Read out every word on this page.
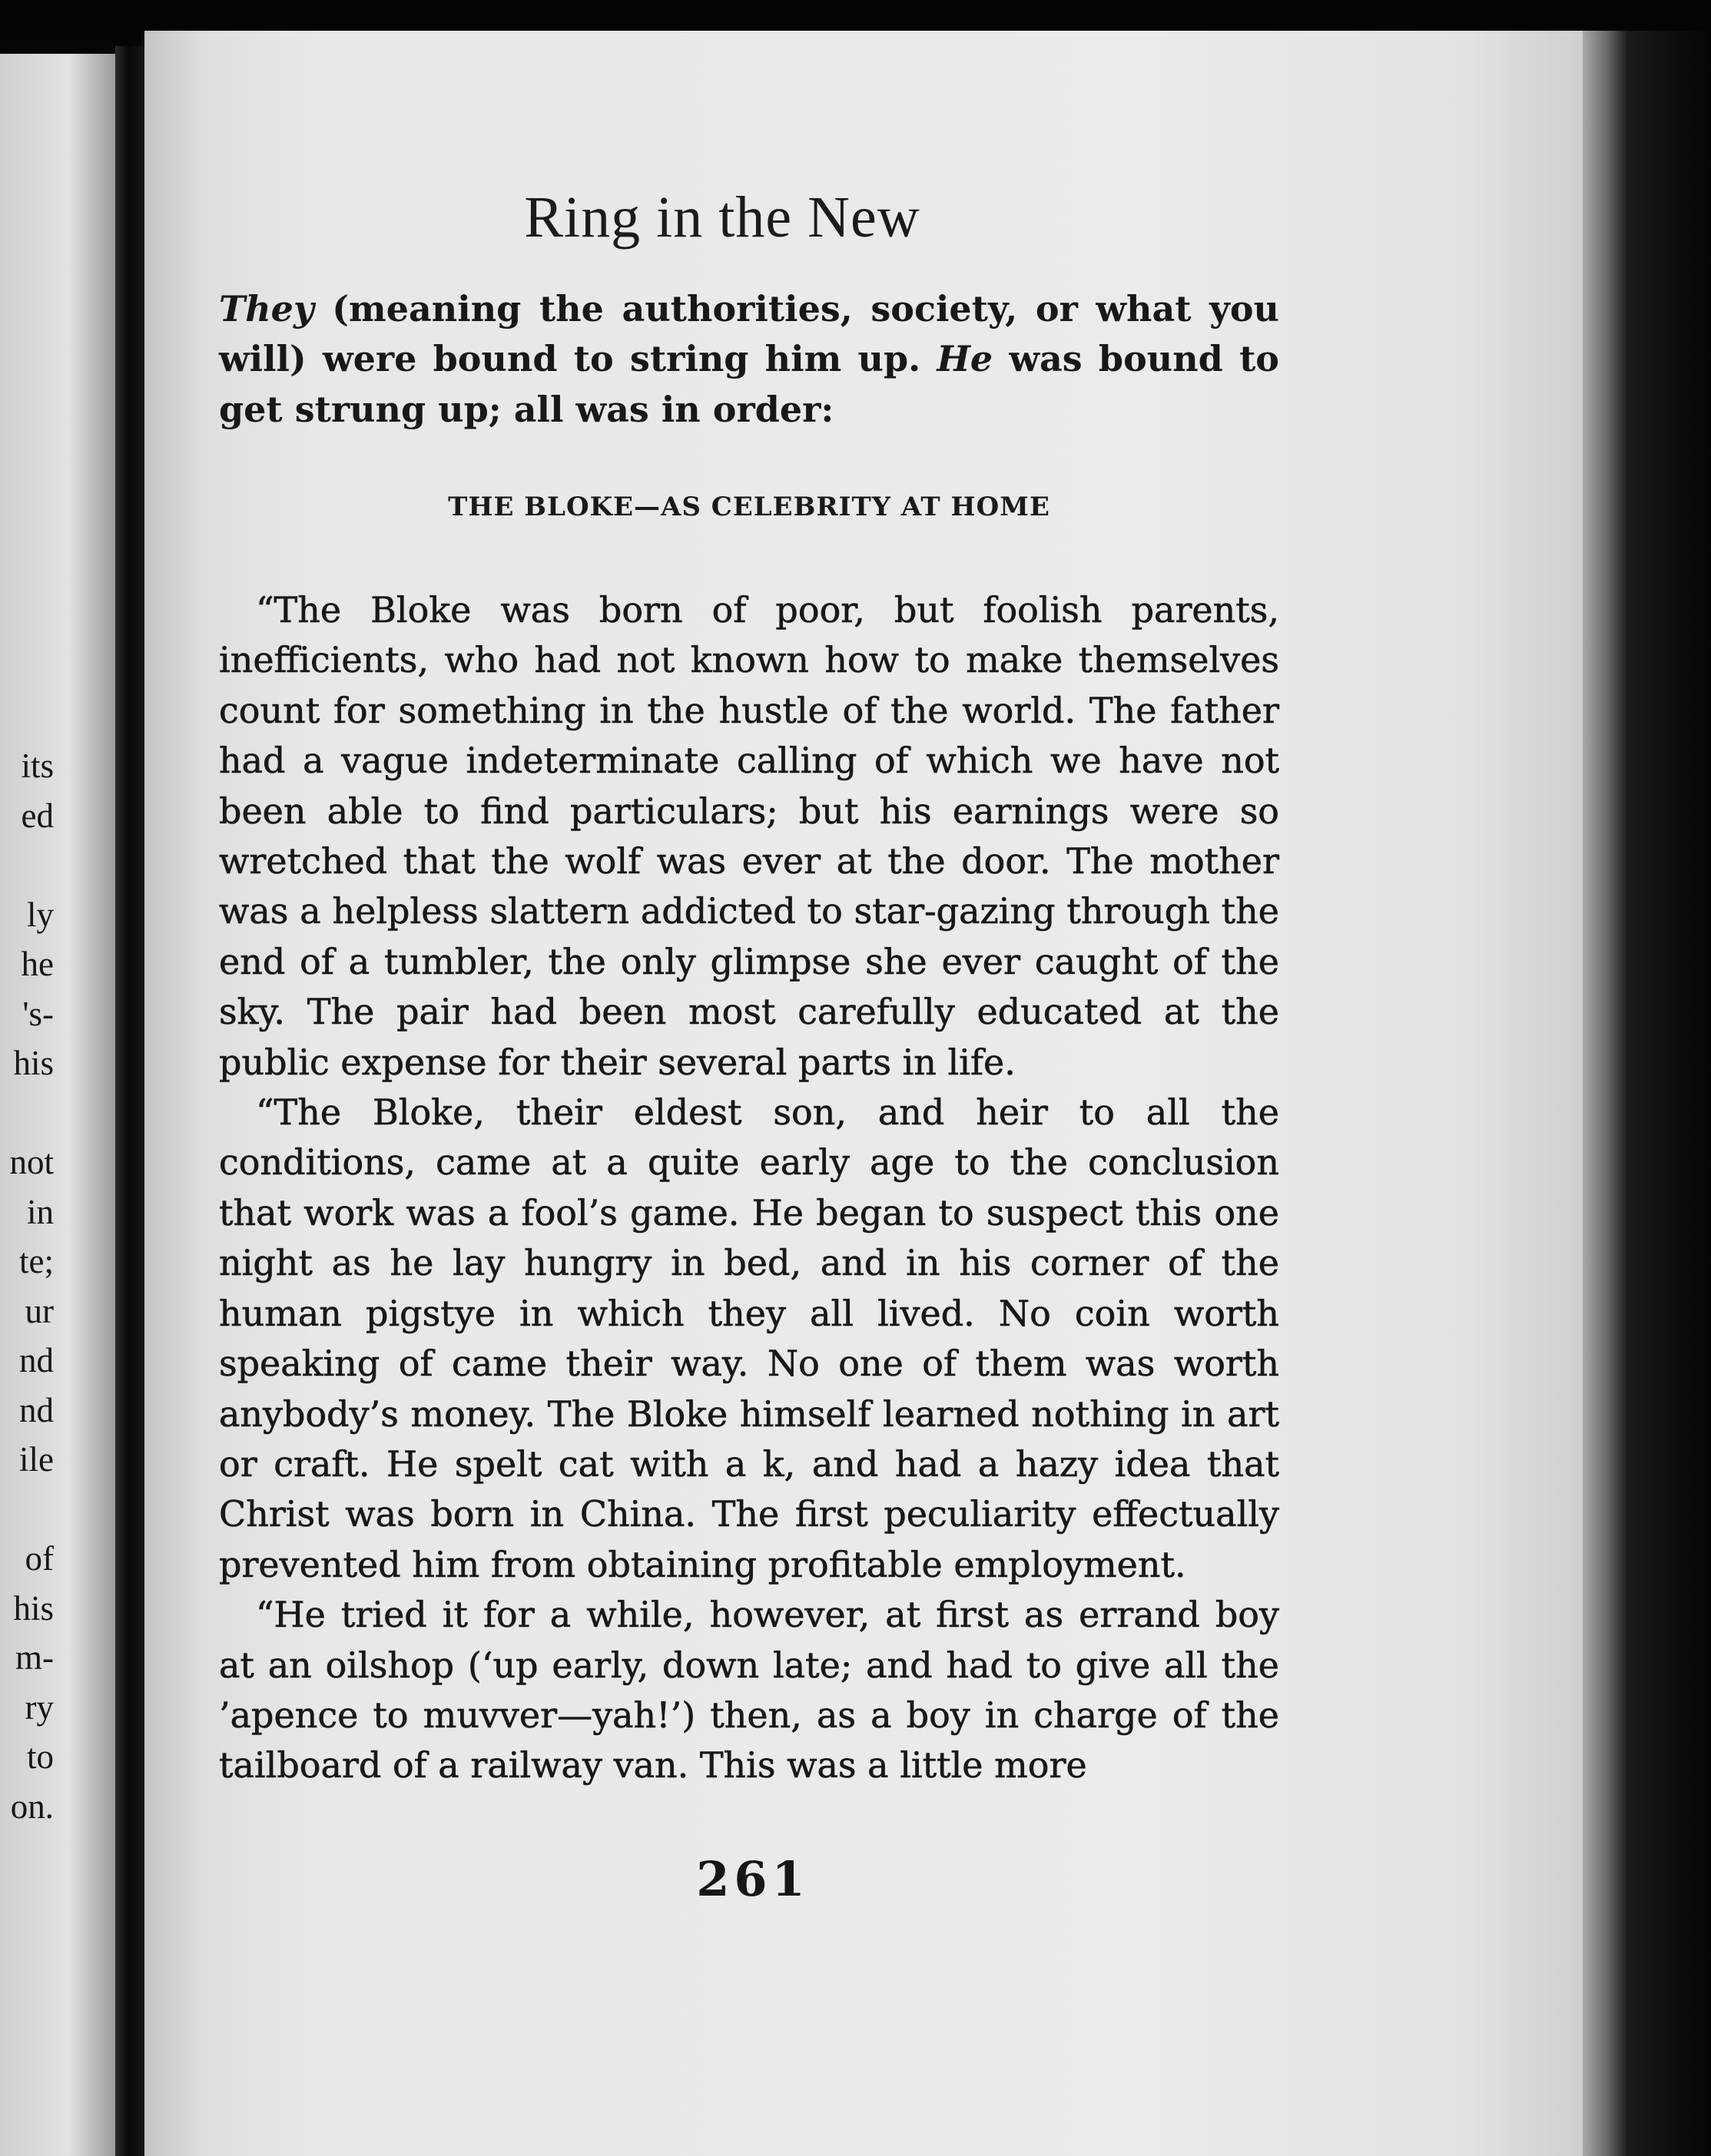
its
ed
ly
he
's-
his
not
in
te;
ur
nd
nd
ile
of
his
m-
ry
to
on.
Ring in the New

They (meaning the authorities, society, or what you will) were bound to string him up. He was bound to get strung up; all was in order:

THE BLOKE—AS CELEBRITY AT HOME

“The Bloke was born of poor, but foolish parents, inefficients, who had not known how to make themselves count for something in the hustle of the world. The father had a vague indeterminate calling of which we have not been able to find particulars; but his earnings were so wretched that the wolf was ever at the door. The mother was a helpless slattern addicted to star-gazing through the end of a tumbler, the only glimpse she ever caught of the sky. The pair had been most carefully educated at the public expense for their several parts in life.

“The Bloke, their eldest son, and heir to all the conditions, came at a quite early age to the conclusion that work was a fool’s game. He began to suspect this one night as he lay hungry in bed, and in his corner of the human pigstye in which they all lived. No coin worth speaking of came their way. No one of them was worth anybody’s money. The Bloke himself learned nothing in art or craft. He spelt cat with a k, and had a hazy idea that Christ was born in China. The first peculiarity effectually prevented him from obtaining profitable employment.

“He tried it for a while, however, at first as errand boy at an oilshop (‘up early, down late; and had to give all the ’apence to muvver—yah!’) then, as a boy in charge of the tailboard of a railway van. This was a little more

261
